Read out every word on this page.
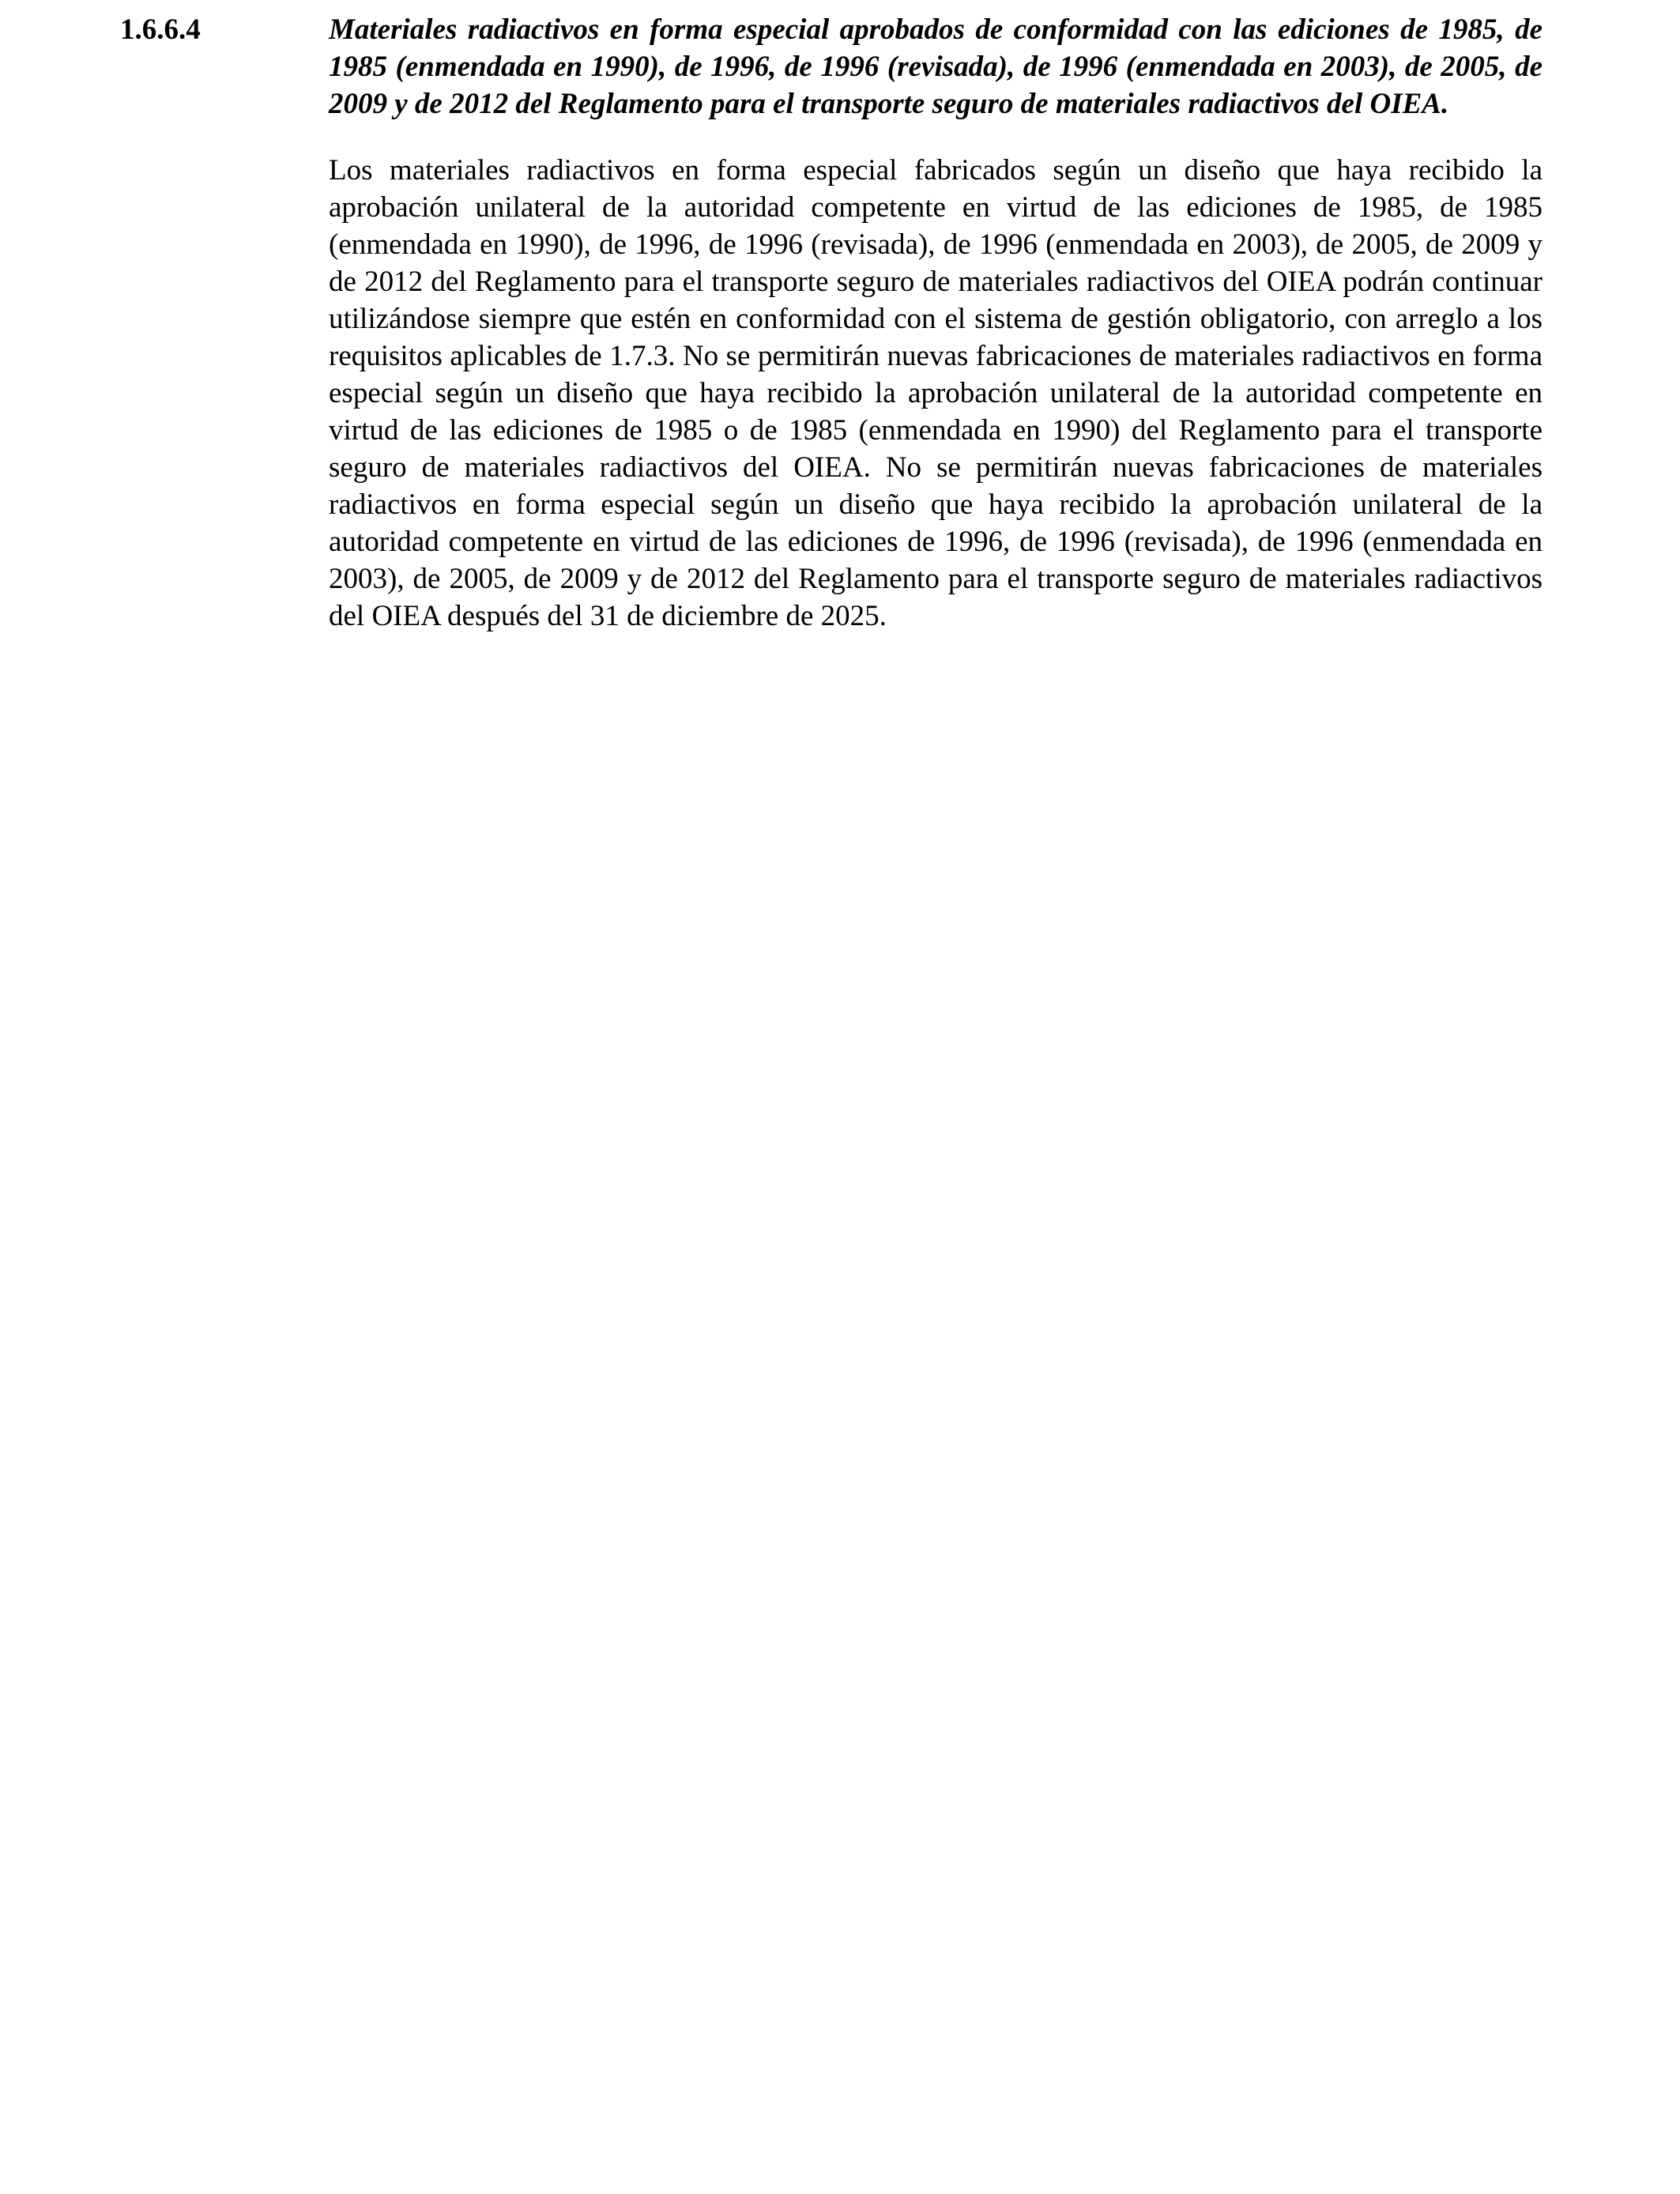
1.6.6.4	Materiales radiactivos en forma especial aprobados de conformidad con las ediciones de 1985, de 1985 (enmendada en 1990), de 1996, de 1996 (revisada), de 1996 (enmendada en 2003), de 2005, de 2009 y de 2012 del Reglamento para el transporte seguro de materiales radiactivos del OIEA.

Los materiales radiactivos en forma especial fabricados según un diseño que haya recibido la aprobación unilateral de la autoridad competente en virtud de las ediciones de 1985, de 1985 (enmendada en 1990), de 1996, de 1996 (revisada), de 1996 (enmendada en 2003), de 2005, de 2009 y de 2012 del Reglamento para el transporte seguro de materiales radiactivos del OIEA podrán continuar utilizándose siempre que estén en conformidad con el sistema de gestión obligatorio, con arreglo a los requisitos aplicables de 1.7.3. No se permitirán nuevas fabricaciones de materiales radiactivos en forma especial según un diseño que haya recibido la aprobación unilateral de la autoridad competente en virtud de las ediciones de 1985 o de 1985 (enmendada en 1990) del Reglamento para el transporte seguro de materiales radiactivos del OIEA. No se permitirán nuevas fabricaciones de materiales radiactivos en forma especial según un diseño que haya recibido la aprobación unilateral de la autoridad competente en virtud de las ediciones de 1996, de 1996 (revisada), de 1996 (enmendada en 2003), de 2005, de 2009 y de 2012 del Reglamento para el transporte seguro de materiales radiactivos del OIEA después del 31 de diciembre de 2025.
